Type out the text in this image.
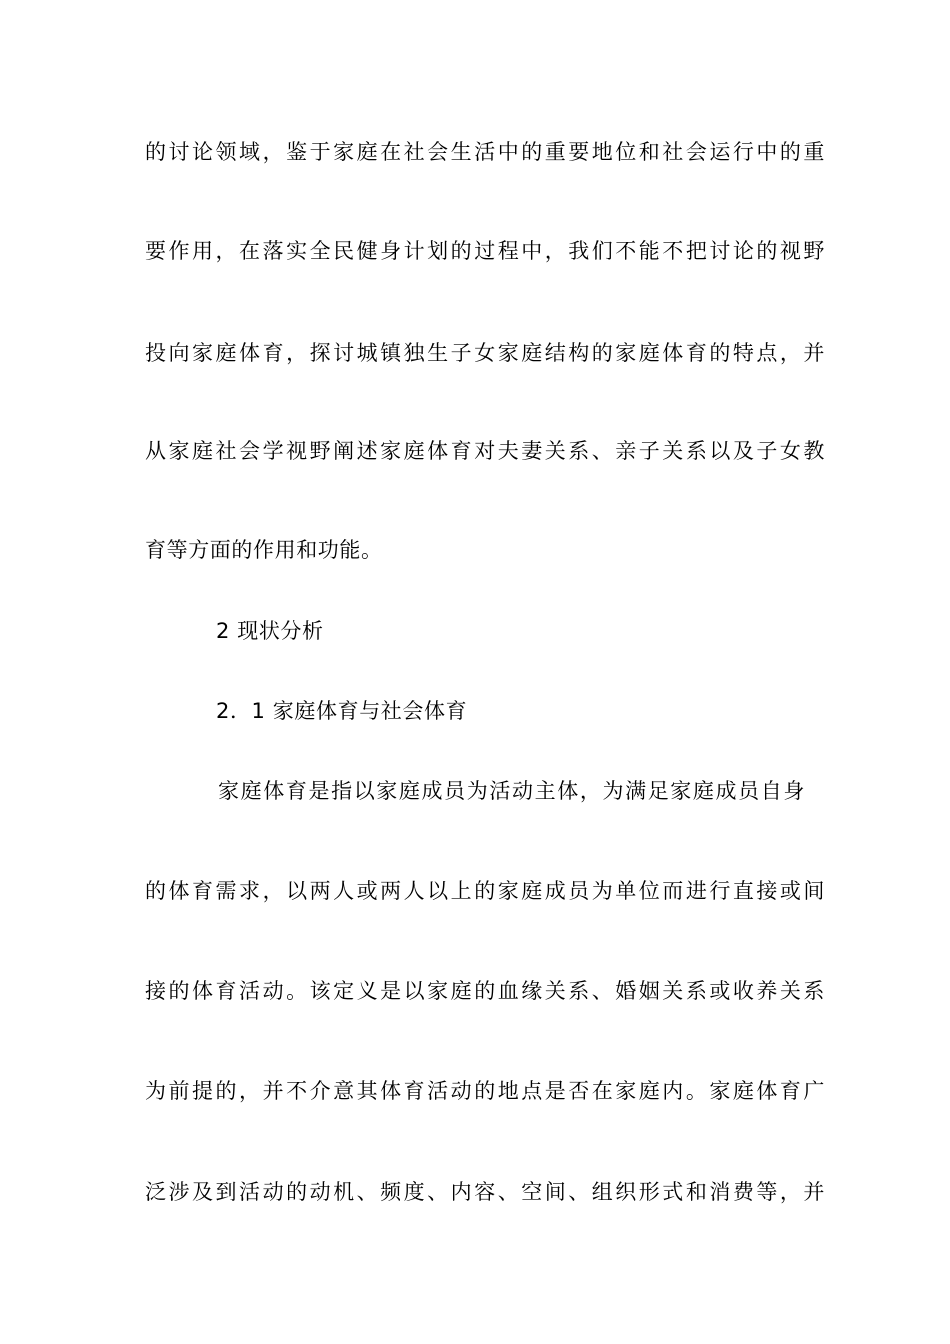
的讨论领域，鉴于家庭在社会生活中的重要地位和社会运行中的重
要作用，在落实全民健身计划的过程中，我们不能不把讨论的视野
投向家庭体育，探讨城镇独生子女家庭结构的家庭体育的特点，并
从家庭社会学视野阐述家庭体育对夫妻关系、亲子关系以及子女教
育等方面的作用和功能。
2 现状分析
2．1 家庭体育与社会体育
家庭体育是指以家庭成员为活动主体，为满足家庭成员自身
的体育需求，以两人或两人以上的家庭成员为单位而进行直接或间
接的体育活动。该定义是以家庭的血缘关系、婚姻关系或收养关系
为前提的，并不介意其体育活动的地点是否在家庭内。家庭体育广
泛涉及到活动的动机、频度、内容、空间、组织形式和消费等，并
